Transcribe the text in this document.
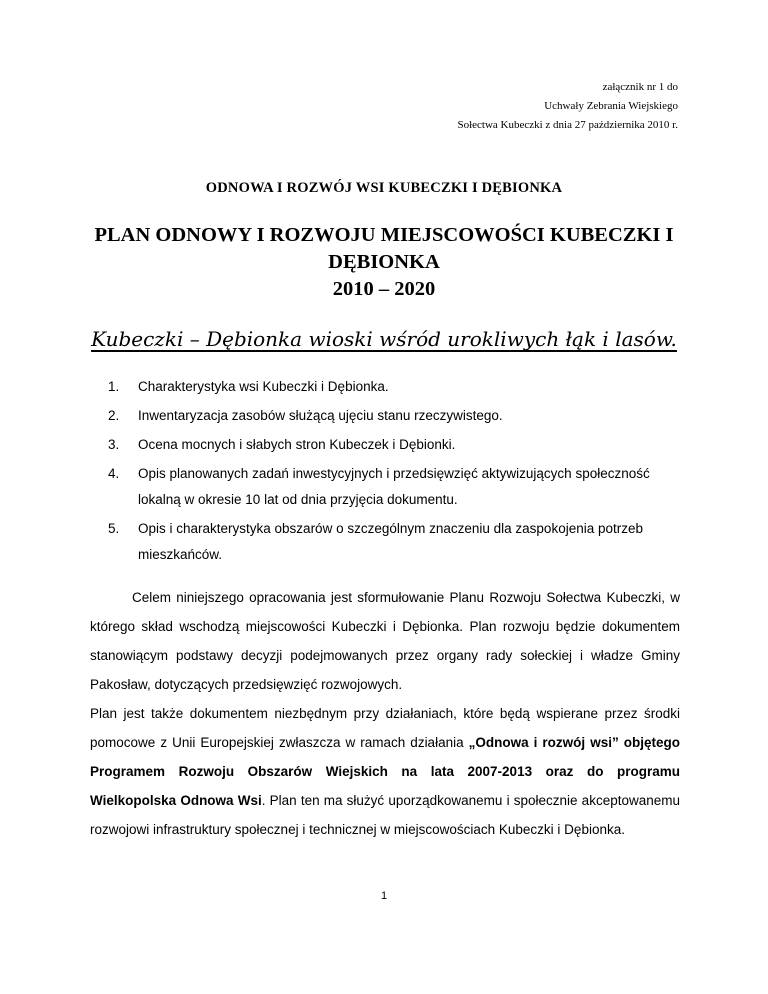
załącznik nr 1 do
Uchwały Zebrania Wiejskiego
Sołectwa Kubeczki z dnia 27 października 2010 r.
ODNOWA I ROZWÓJ WSI KUBECZKI I DĘBIONKA
PLAN ODNOWY I ROZWOJU MIEJSCOWOŚCI KUBECZKI I
DĘBIONKA
2010 – 2020
Kubeczki – Dębionka wioski wśród urokliwych łąk i lasów.
1. Charakterystyka wsi Kubeczki i Dębionka.
2. Inwentaryzacja zasobów służącą ujęciu stanu rzeczywistego.
3. Ocena mocnych i słabych stron Kubeczek i Dębionki.
4. Opis planowanych zadań inwestycyjnych i przedsięwzięć aktywizujących społeczność lokalną w okresie 10 lat od dnia przyjęcia dokumentu.
5. Opis i charakterystyka obszarów o szczególnym znaczeniu dla zaspokojenia potrzeb mieszkańców.

Celem niniejszego opracowania jest sformułowanie Planu Rozwoju Sołectwa Kubeczki, w którego skład wschodzą miejscowości Kubeczki i Dębionka. Plan rozwoju będzie dokumentem stanowiącym podstawy decyzji podejmowanych przez organy rady sołeckiej i władze Gminy Pakosław, dotyczących przedsięwzięć rozwojowych.

Plan jest także dokumentem niezbędnym przy działaniach, które będą wspierane przez środki pomocowe z Unii Europejskiej zwłaszcza w ramach działania „Odnowa i rozwój wsi” objętego Programem Rozwoju Obszarów Wiejskich na lata 2007-2013 oraz do programu Wielkopolska Odnowa Wsi. Plan ten ma służyć uporządkowanemu i społecznie akceptowanemu rozwojowi infrastruktury społecznej i technicznej w miejscowościach Kubeczki i Dębionka.

1
